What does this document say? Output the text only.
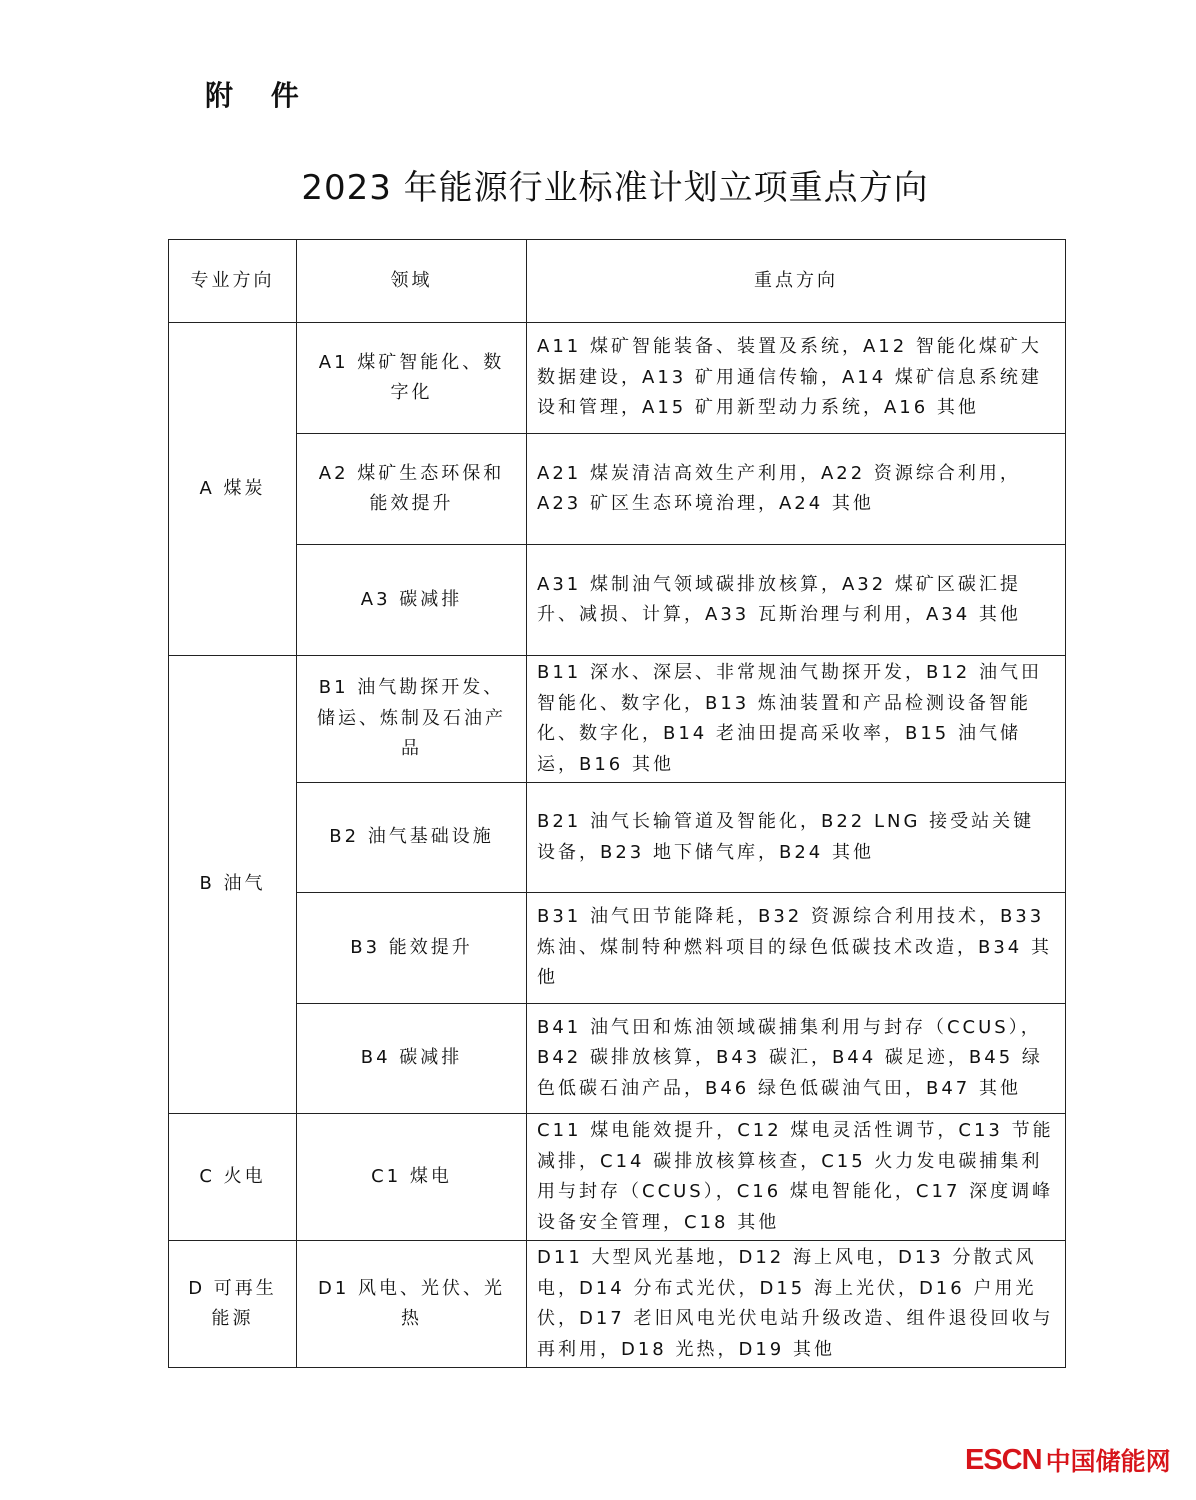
附 件
2023 年能源行业标准计划立项重点方向
专业方向	领域	重点方向
A 煤炭	A1 煤矿智能化、数字化	A11 煤矿智能装备、装置及系统，A12 智能化煤矿大数据建设，A13 矿用通信传输，A14 煤矿信息系统建设和管理，A15 矿用新型动力系统，A16 其他
	A2 煤矿生态环保和能效提升	A21 煤炭清洁高效生产利用，A22 资源综合利用，A23 矿区生态环境治理，A24 其他
	A3 碳减排	A31 煤制油气领域碳排放核算，A32 煤矿区碳汇提升、减损、计算，A33 瓦斯治理与利用，A34 其他
B 油气	B1 油气勘探开发、储运、炼制及石油产品	B11 深水、深层、非常规油气勘探开发，B12 油气田智能化、数字化，B13 炼油装置和产品检测设备智能化、数字化，B14 老油田提高采收率，B15 油气储运，B16 其他
	B2 油气基础设施	B21 油气长输管道及智能化，B22 LNG 接受站关键设备，B23 地下储气库，B24 其他
	B3 能效提升	B31 油气田节能降耗，B32 资源综合利用技术，B33 炼油、煤制特种燃料项目的绿色低碳技术改造，B34 其他
	B4 碳减排	B41 油气田和炼油领域碳捕集利用与封存（CCUS），B42 碳排放核算，B43 碳汇，B44 碳足迹，B45 绿色低碳石油产品，B46 绿色低碳油气田，B47 其他
C 火电	C1 煤电	C11 煤电能效提升，C12 煤电灵活性调节，C13 节能减排，C14 碳排放核算核查，C15 火力发电碳捕集利用与封存（CCUS），C16 煤电智能化，C17 深度调峰设备安全管理，C18 其他
D 可再生能源	D1 风电、光伏、光热	D11 大型风光基地，D12 海上风电，D13 分散式风电，D14 分布式光伏，D15 海上光伏，D16 户用光伏，D17 老旧风电光伏电站升级改造、组件退役回收与再利用，D18 光热，D19 其他
ESCN 中国储能网
